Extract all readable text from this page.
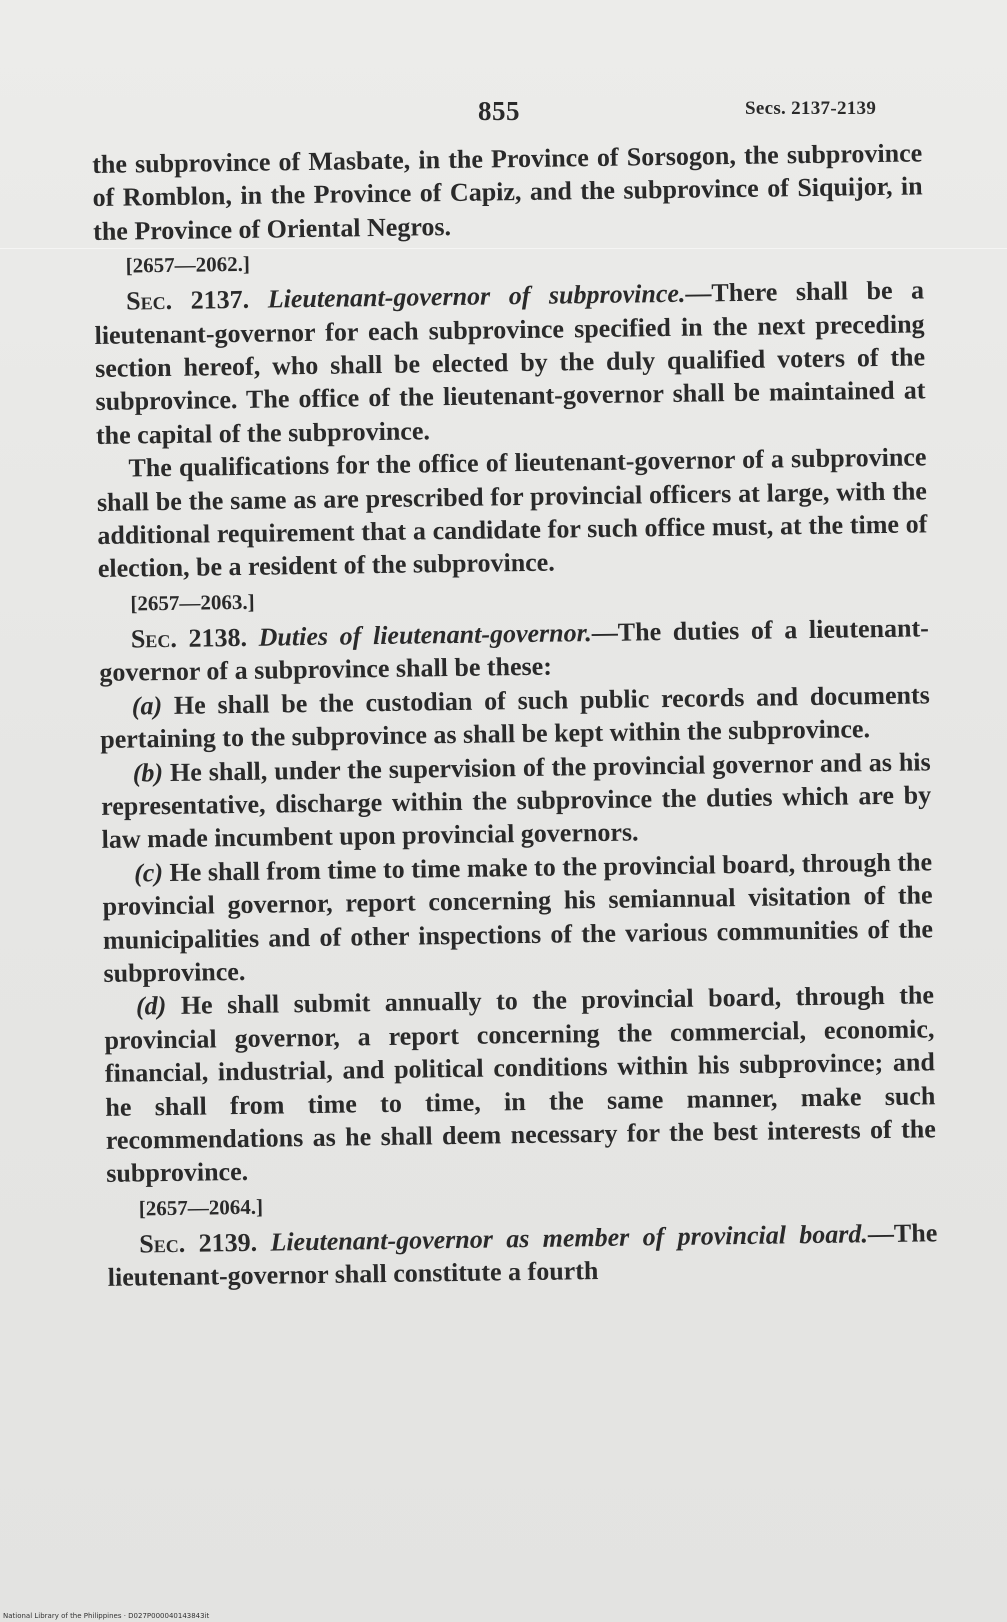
855	Secs. 2137-2139

the subprovince of Masbate, in the Province of Sorsogon, the subprovince of Romblon, in the Province of Capiz, and the subprovince of Siquijor, in the Province of Oriental Negros.

[2657—2062.]

Sec. 2137. Lieutenant-governor of subprovince.—There shall be a lieutenant-governor for each subprovince specified in the next preceding section hereof, who shall be elected by the duly qualified voters of the subprovince. The office of the lieutenant-governor shall be maintained at the capital of the subprovince.

The qualifications for the office of lieutenant-governor of a subprovince shall be the same as are prescribed for provincial officers at large, with the additional requirement that a candidate for such office must, at the time of election, be a resident of the subprovince.

[2657—2063.]

Sec. 2138. Duties of lieutenant-governor.—The duties of a lieutenant-governor of a subprovince shall be these:

(a) He shall be the custodian of such public records and documents pertaining to the subprovince as shall be kept within the subprovince.

(b) He shall, under the supervision of the provincial governor and as his representative, discharge within the subprovince the duties which are by law made incumbent upon provincial governors.

(c) He shall from time to time make to the provincial board, through the provincial governor, report concerning his semiannual visitation of the municipalities and of other inspections of the various communities of the subprovince.

(d) He shall submit annually to the provincial board, through the provincial governor, a report concerning the commercial, economic, financial, industrial, and political conditions within his subprovince; and he shall from time to time, in the same manner, make such recommendations as he shall deem necessary for the best interests of the subprovince.

[2657—2064.]

Sec. 2139. Lieutenant-governor as member of provincial board.—The lieutenant-governor shall constitute a fourth

National Library of the Philippines · D027P000040143843it
